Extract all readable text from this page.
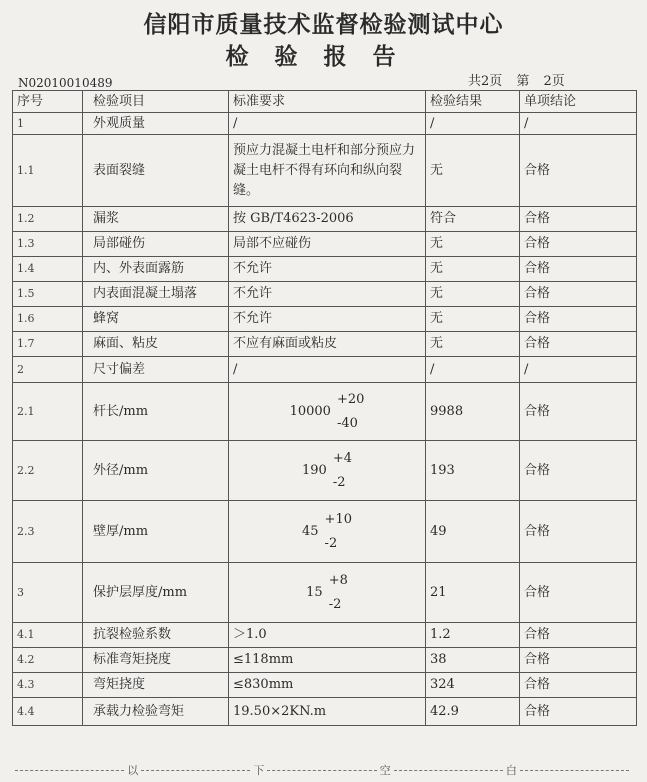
信阳市质量技术监督检验测试中心
检验报告
N02010010489	共2页 第 2页
序号	检验项目	标准要求	检验结果	单项结论
1	外观质量	/	/	/
1.1	表面裂缝	预应力混凝土电杆和部分预应力凝土电杆不得有环向和纵向裂缝。	无	合格
1.2	漏浆	按 GB/T4623-2006	符合	合格
1.3	局部碰伤	局部不应碰伤	无	合格
1.4	内、外表面露筋	不允许	无	合格
1.5	内表面混凝土塌落	不允许	无	合格
1.6	蜂窝	不允许	无	合格
1.7	麻面、粘皮	不应有麻面或粘皮	无	合格
2	尺寸偏差	/	/	/
2.1	杆长/mm	10000
+20
-40	9988	合格
2.2	外径/mm	190
+4
-2	193	合格
2.3	壁厚/mm	45
+10
-2	49	合格
3	保护层厚度/mm	15
+8
-2	21	合格
4.1	抗裂检验系数	＞1.0	1.2	合格
4.2	标准弯矩挠度	≤118mm	38	合格
4.3	弯矩挠度	≤830mm	324	合格
4.4	承载力检验弯矩	19.50×2KN.m	42.9	合格
以	下	空	白
